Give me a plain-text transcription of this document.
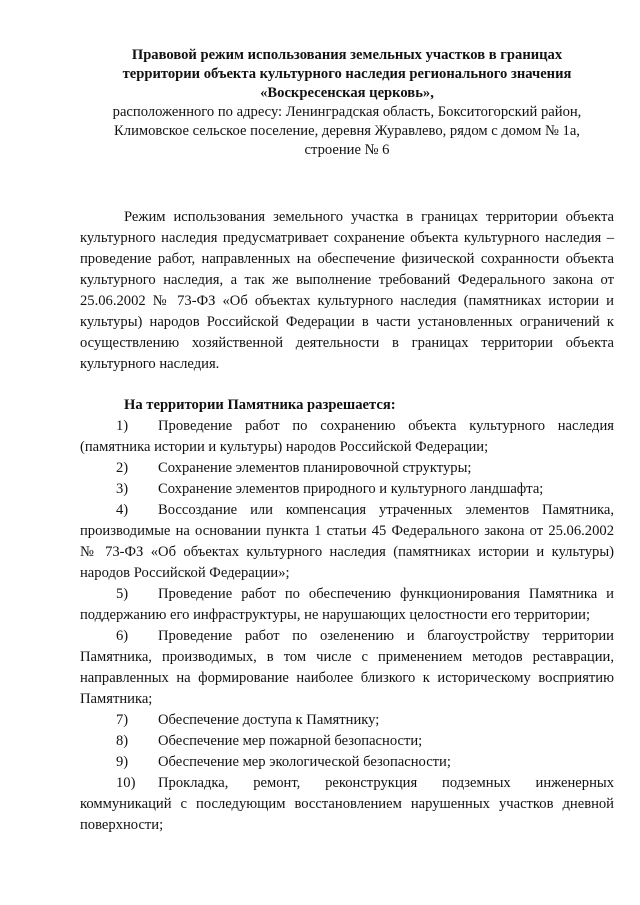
Правовой режим использования земельных участков в границах

территории объекта культурного наследия регионального значения

«Воскресенская церковь»,

расположенного по адресу: Ленинградская область, Бокситогорский район,

Климовское сельское поселение, деревня Журавлево, рядом с домом № 1а,

строение № 6

Режим использования земельного участка в границах территории объекта культурного наследия предусматривает сохранение объекта культурного наследия – проведение работ, направленных на обеспечение физической сохранности объекта культурного наследия, а так же выполнение требований Федерального закона от 25.06.2002 № 73-ФЗ «Об объектах культурного наследия (памятниках истории и культуры) народов Российской Федерации в части установленных ограничений к осуществлению хозяйственной деятельности в границах территории объекта культурного наследия.

На территории Памятника разрешается:

1) Проведение работ по сохранению объекта культурного наследия (памятника истории и культуры) народов Российской Федерации;
2) Сохранение элементов планировочной структуры;
3) Сохранение элементов природного и культурного ландшафта;
4) Воссоздание или компенсация утраченных элементов Памятника, производимые на основании пункта 1 статьи 45 Федерального закона от 25.06.2002 № 73-ФЗ «Об объектах культурного наследия (памятниках истории и культуры) народов Российской Федерации»;
5) Проведение работ по обеспечению функционирования Памятника и поддержанию его инфраструктуры, не нарушающих целостности его территории;
6) Проведение работ по озеленению и благоустройству территории Памятника, производимых, в том числе с применением методов реставрации, направленных на формирование наиболее близкого к историческому восприятию Памятника;
7) Обеспечение доступа к Памятнику;
8) Обеспечение мер пожарной безопасности;
9) Обеспечение мер экологической безопасности;
10) Прокладка, ремонт, реконструкция подземных инженерных коммуникаций с последующим восстановлением нарушенных участков дневной поверхности;
